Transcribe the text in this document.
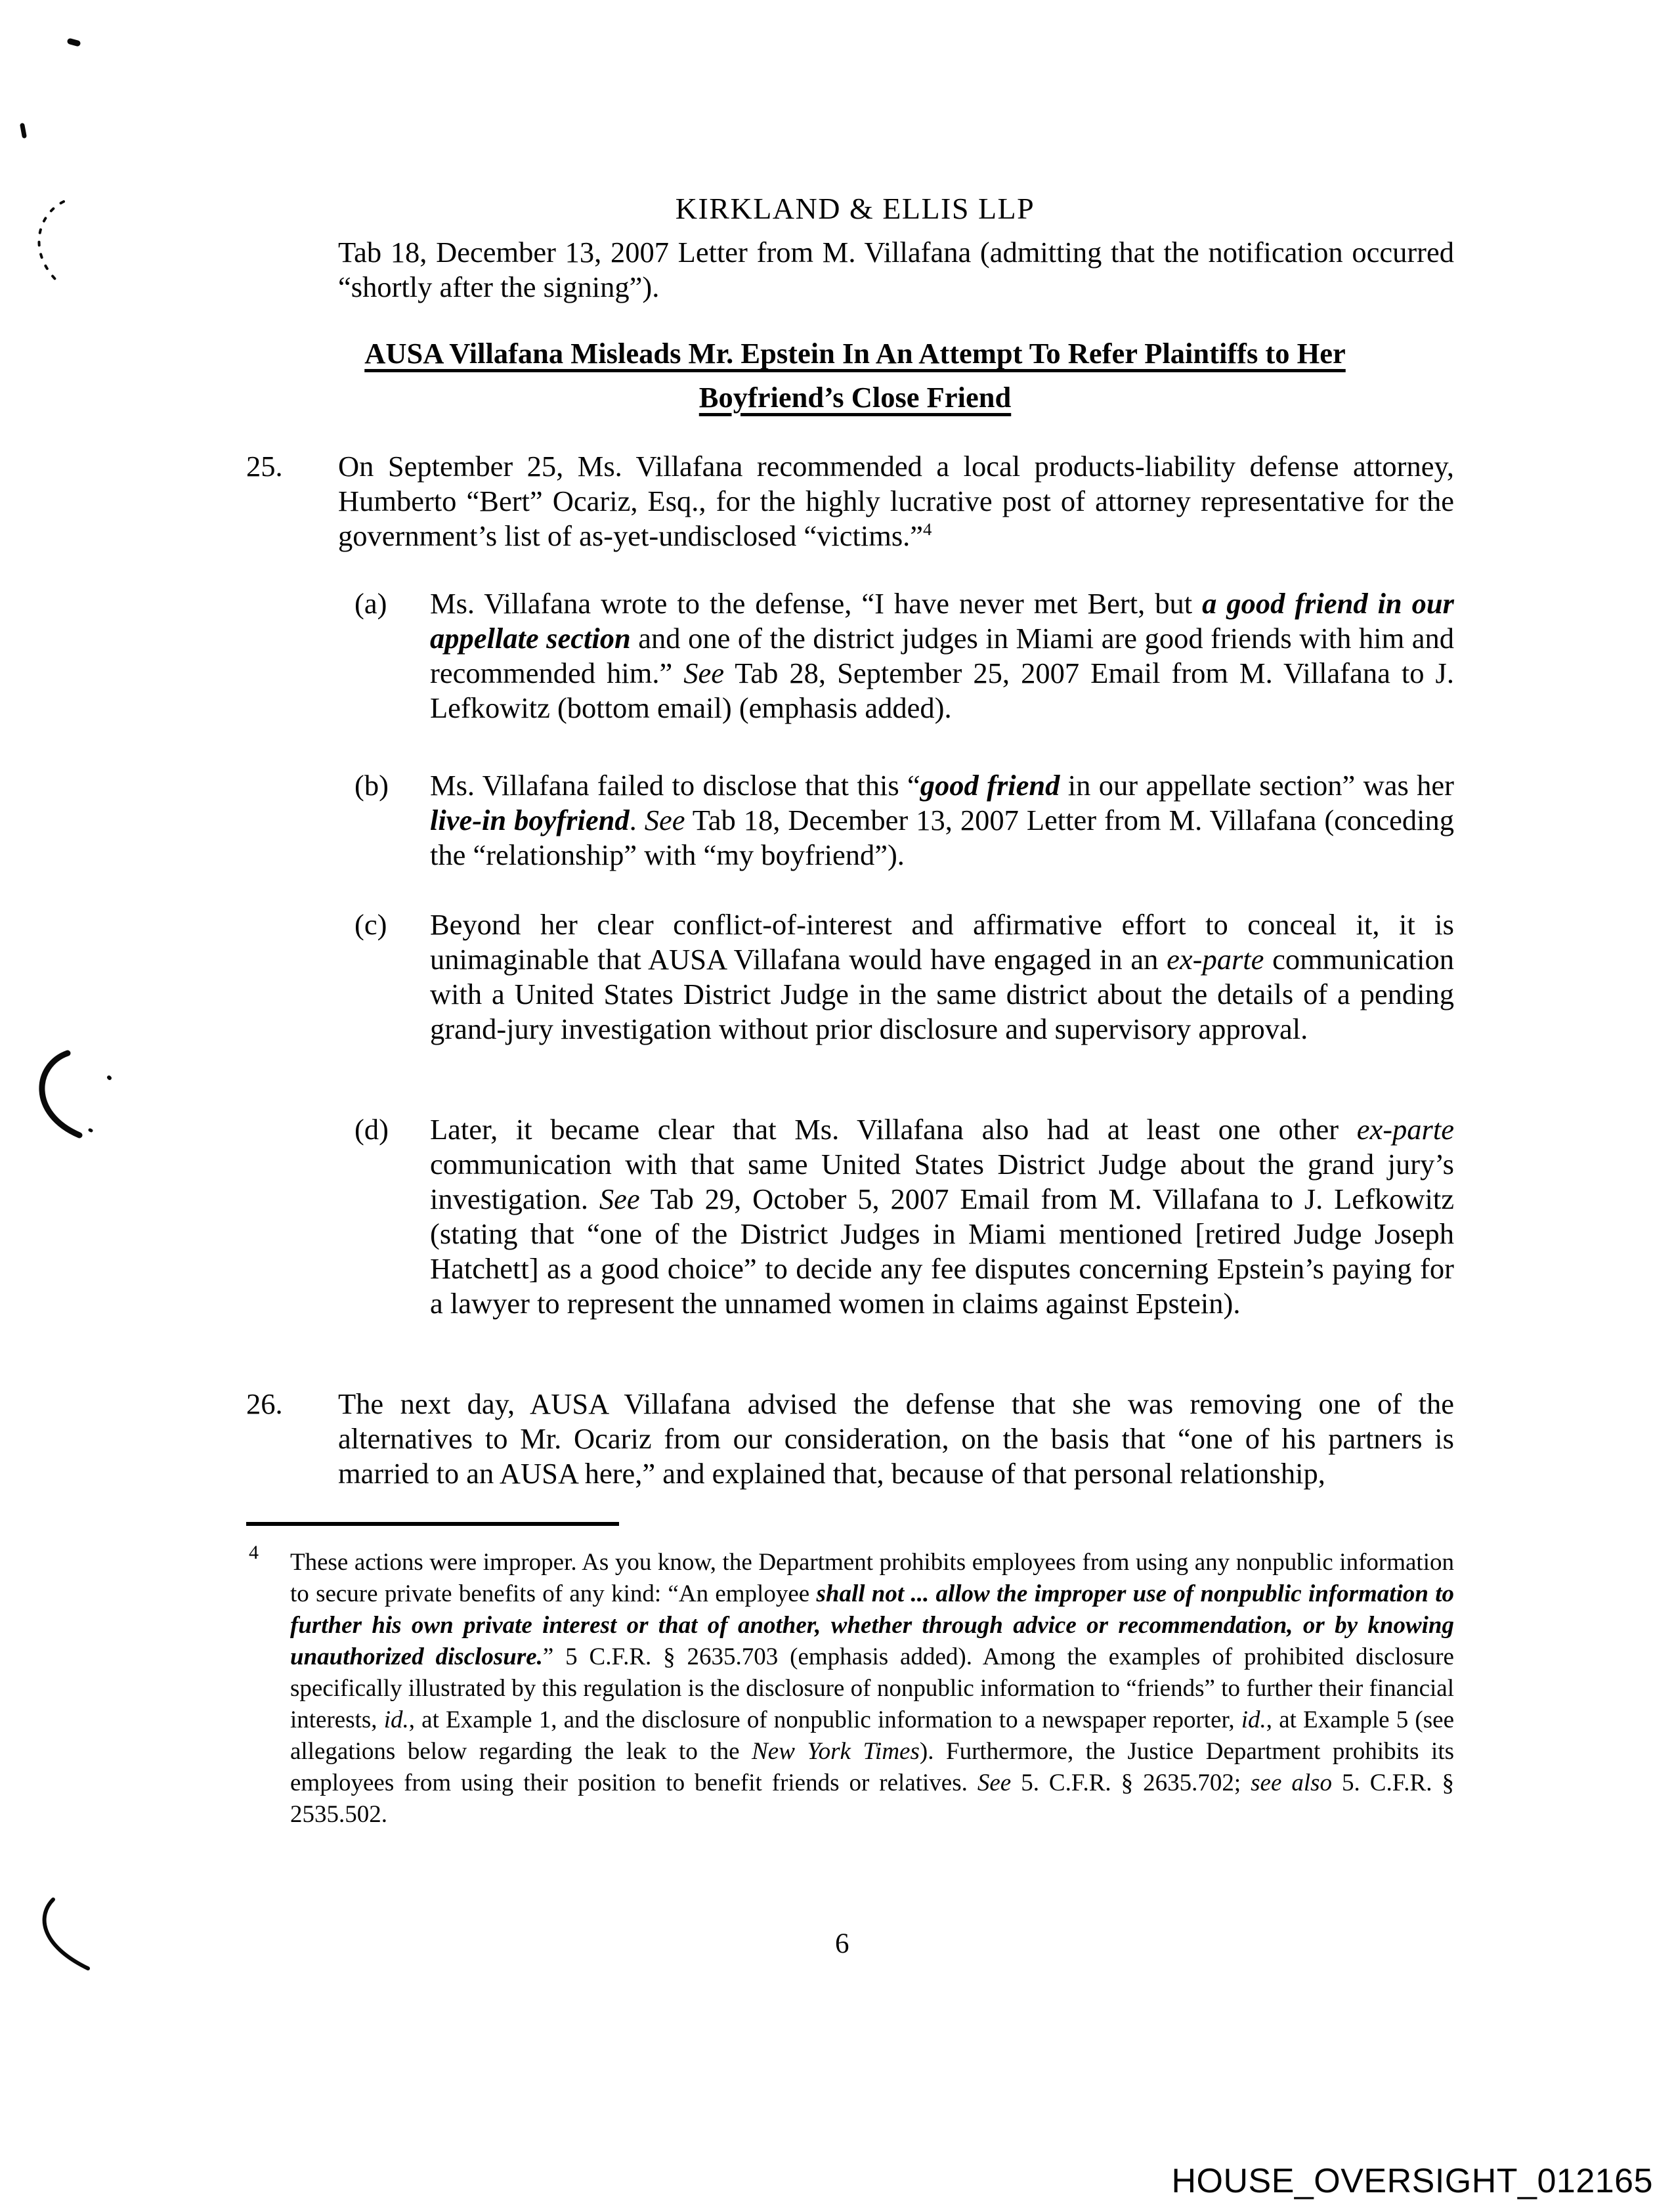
KIRKLAND & ELLIS LLP
Tab 18, December 13, 2007 Letter from M. Villafana (admitting that the notification occurred “shortly after the signing”).
AUSA Villafana Misleads Mr. Epstein In An Attempt To Refer Plaintiffs to Her
Boyfriend’s Close Friend
25. On September 25, Ms. Villafana recommended a local products-liability defense attorney, Humberto “Bert” Ocariz, Esq., for the highly lucrative post of attorney representative for the government’s list of as-yet-undisclosed “victims.”$^4$
(a) Ms. Villafana wrote to the defense, “I have never met Bert, but a good friend in our appellate section and one of the district judges in Miami are good friends with him and recommended him.” See Tab 28, September 25, 2007 Email from M. Villafana to J. Lefkowitz (bottom email) (emphasis added).
(b) Ms. Villafana failed to disclose that this “good friend in our appellate section” was her live-in boyfriend. See Tab 18, December 13, 2007 Letter from M. Villafana (conceding the “relationship” with “my boyfriend”).
(c) Beyond her clear conflict-of-interest and affirmative effort to conceal it, it is unimaginable that AUSA Villafana would have engaged in an ex-parte communication with a United States District Judge in the same district about the details of a pending grand-jury investigation without prior disclosure and supervisory approval.
(d) Later, it became clear that Ms. Villafana also had at least one other ex-parte communication with that same United States District Judge about the grand jury’s investigation. See Tab 29, October 5, 2007 Email from M. Villafana to J. Lefkowitz (stating that “one of the District Judges in Miami mentioned [retired Judge Joseph Hatchett] as a good choice” to decide any fee disputes concerning Epstein’s paying for a lawyer to represent the unnamed women in claims against Epstein).
26. The next day, AUSA Villafana advised the defense that she was removing one of the alternatives to Mr. Ocariz from our consideration, on the basis that “one of his partners is married to an AUSA here,” and explained that, because of that personal relationship,
4 These actions were improper. As you know, the Department prohibits employees from using any nonpublic information to secure private benefits of any kind: “An employee shall not ... allow the improper use of nonpublic information to further his own private interest or that of another, whether through advice or recommendation, or by knowing unauthorized disclosure.” 5 C.F.R. § 2635.703 (emphasis added). Among the examples of prohibited disclosure specifically illustrated by this regulation is the disclosure of nonpublic information to “friends” to further their financial interests, id., at Example 1, and the disclosure of nonpublic information to a newspaper reporter, id., at Example 5 (see allegations below regarding the leak to the New York Times). Furthermore, the Justice Department prohibits its employees from using their position to benefit friends or relatives. See 5. C.F.R. § 2635.702; see also 5. C.F.R. § 2535.502.
6
HOUSE_OVERSIGHT_012165
